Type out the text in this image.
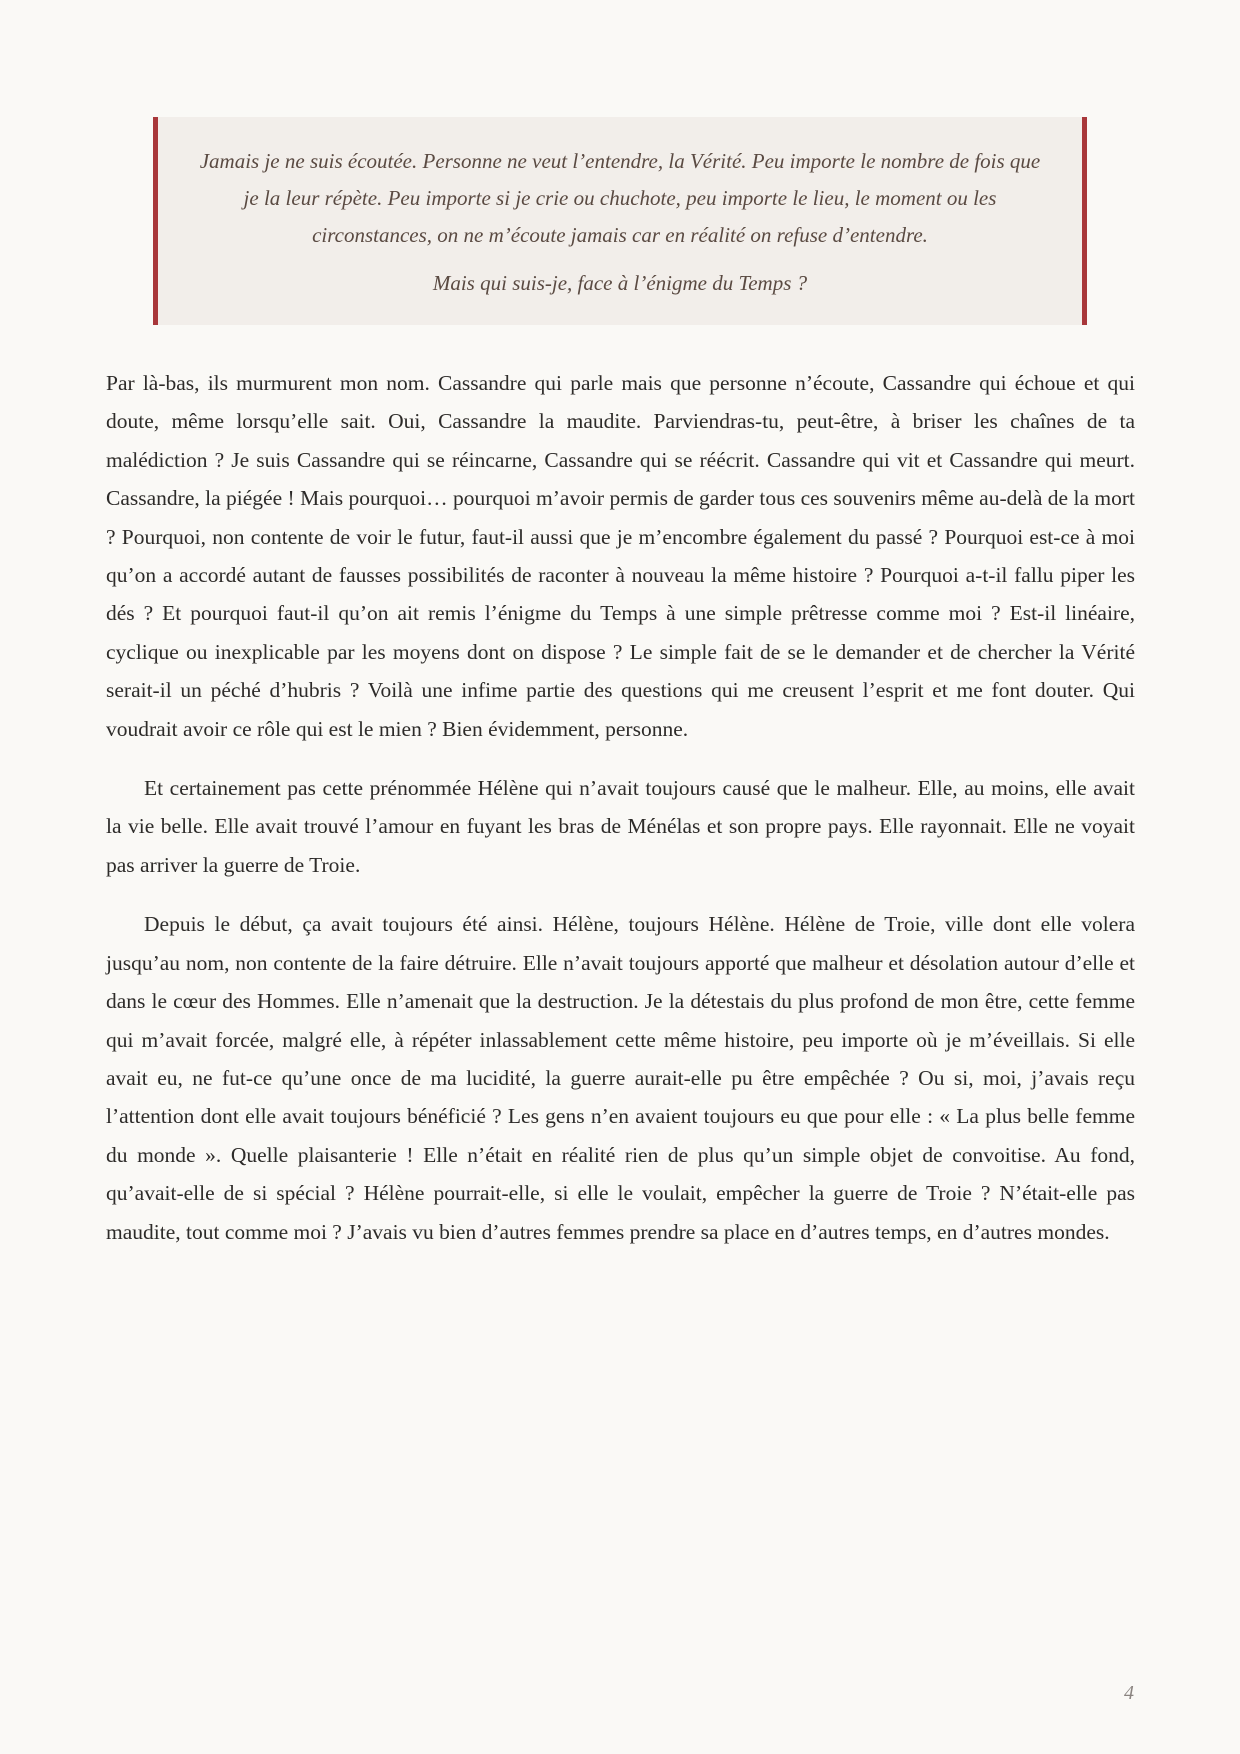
Jamais je ne suis écoutée. Personne ne veut l’entendre, la Vérité. Peu importe le nombre de fois que je la leur répète. Peu importe si je crie ou chuchote, peu importe le lieu, le moment ou les circonstances, on ne m’écoute jamais car en réalité on refuse d’entendre.

Mais qui suis-je, face à l’énigme du Temps ?

Par là-bas, ils murmurent mon nom. Cassandre qui parle mais que personne n’écoute, Cassandre qui échoue et qui doute, même lorsqu’elle sait. Oui, Cassandre la maudite. Parviendras-tu, peut-être, à briser les chaînes de ta malédiction ? Je suis Cassandre qui se réincarne, Cassandre qui se réécrit. Cassandre qui vit et Cassandre qui meurt. Cassandre, la piégée ! Mais pourquoi… pourquoi m’avoir permis de garder tous ces souvenirs même au-delà de la mort ? Pourquoi, non contente de voir le futur, faut-il aussi que je m’encombre également du passé ? Pourquoi est-ce à moi qu’on a accordé autant de fausses possibilités de raconter à nouveau la même histoire ? Pourquoi a-t-il fallu piper les dés ? Et pourquoi faut-il qu’on ait remis l’énigme du Temps à une simple prêtresse comme moi ? Est-il linéaire, cyclique ou inexplicable par les moyens dont on dispose ? Le simple fait de se le demander et de chercher la Vérité serait-il un péché d’hubris ? Voilà une infime partie des questions qui me creusent l’esprit et me font douter. Qui voudrait avoir ce rôle qui est le mien ? Bien évidemment, personne.

Et certainement pas cette prénommée Hélène qui n’avait toujours causé que le malheur. Elle, au moins, elle avait la vie belle. Elle avait trouvé l’amour en fuyant les bras de Ménélas et son propre pays. Elle rayonnait. Elle ne voyait pas arriver la guerre de Troie.

Depuis le début, ça avait toujours été ainsi. Hélène, toujours Hélène. Hélène de Troie, ville dont elle volera jusqu’au nom, non contente de la faire détruire. Elle n’avait toujours apporté que malheur et désolation autour d’elle et dans le cœur des Hommes. Elle n’amenait que la destruction. Je la détestais du plus profond de mon être, cette femme qui m’avait forcée, malgré elle, à répéter inlassablement cette même histoire, peu importe où je m’éveillais. Si elle avait eu, ne fut-ce qu’une once de ma lucidité, la guerre aurait-elle pu être empêchée ? Ou si, moi, j’avais reçu l’attention dont elle avait toujours bénéficié ? Les gens n’en avaient toujours eu que pour elle : « La plus belle femme du monde ». Quelle plaisanterie ! Elle n’était en réalité rien de plus qu’un simple objet de convoitise. Au fond, qu’avait-elle de si spécial ? Hélène pourrait-elle, si elle le voulait, empêcher la guerre de Troie ? N’était-elle pas maudite, tout comme moi ? J’avais vu bien d’autres femmes prendre sa place en d’autres temps, en d’autres mondes.

4
